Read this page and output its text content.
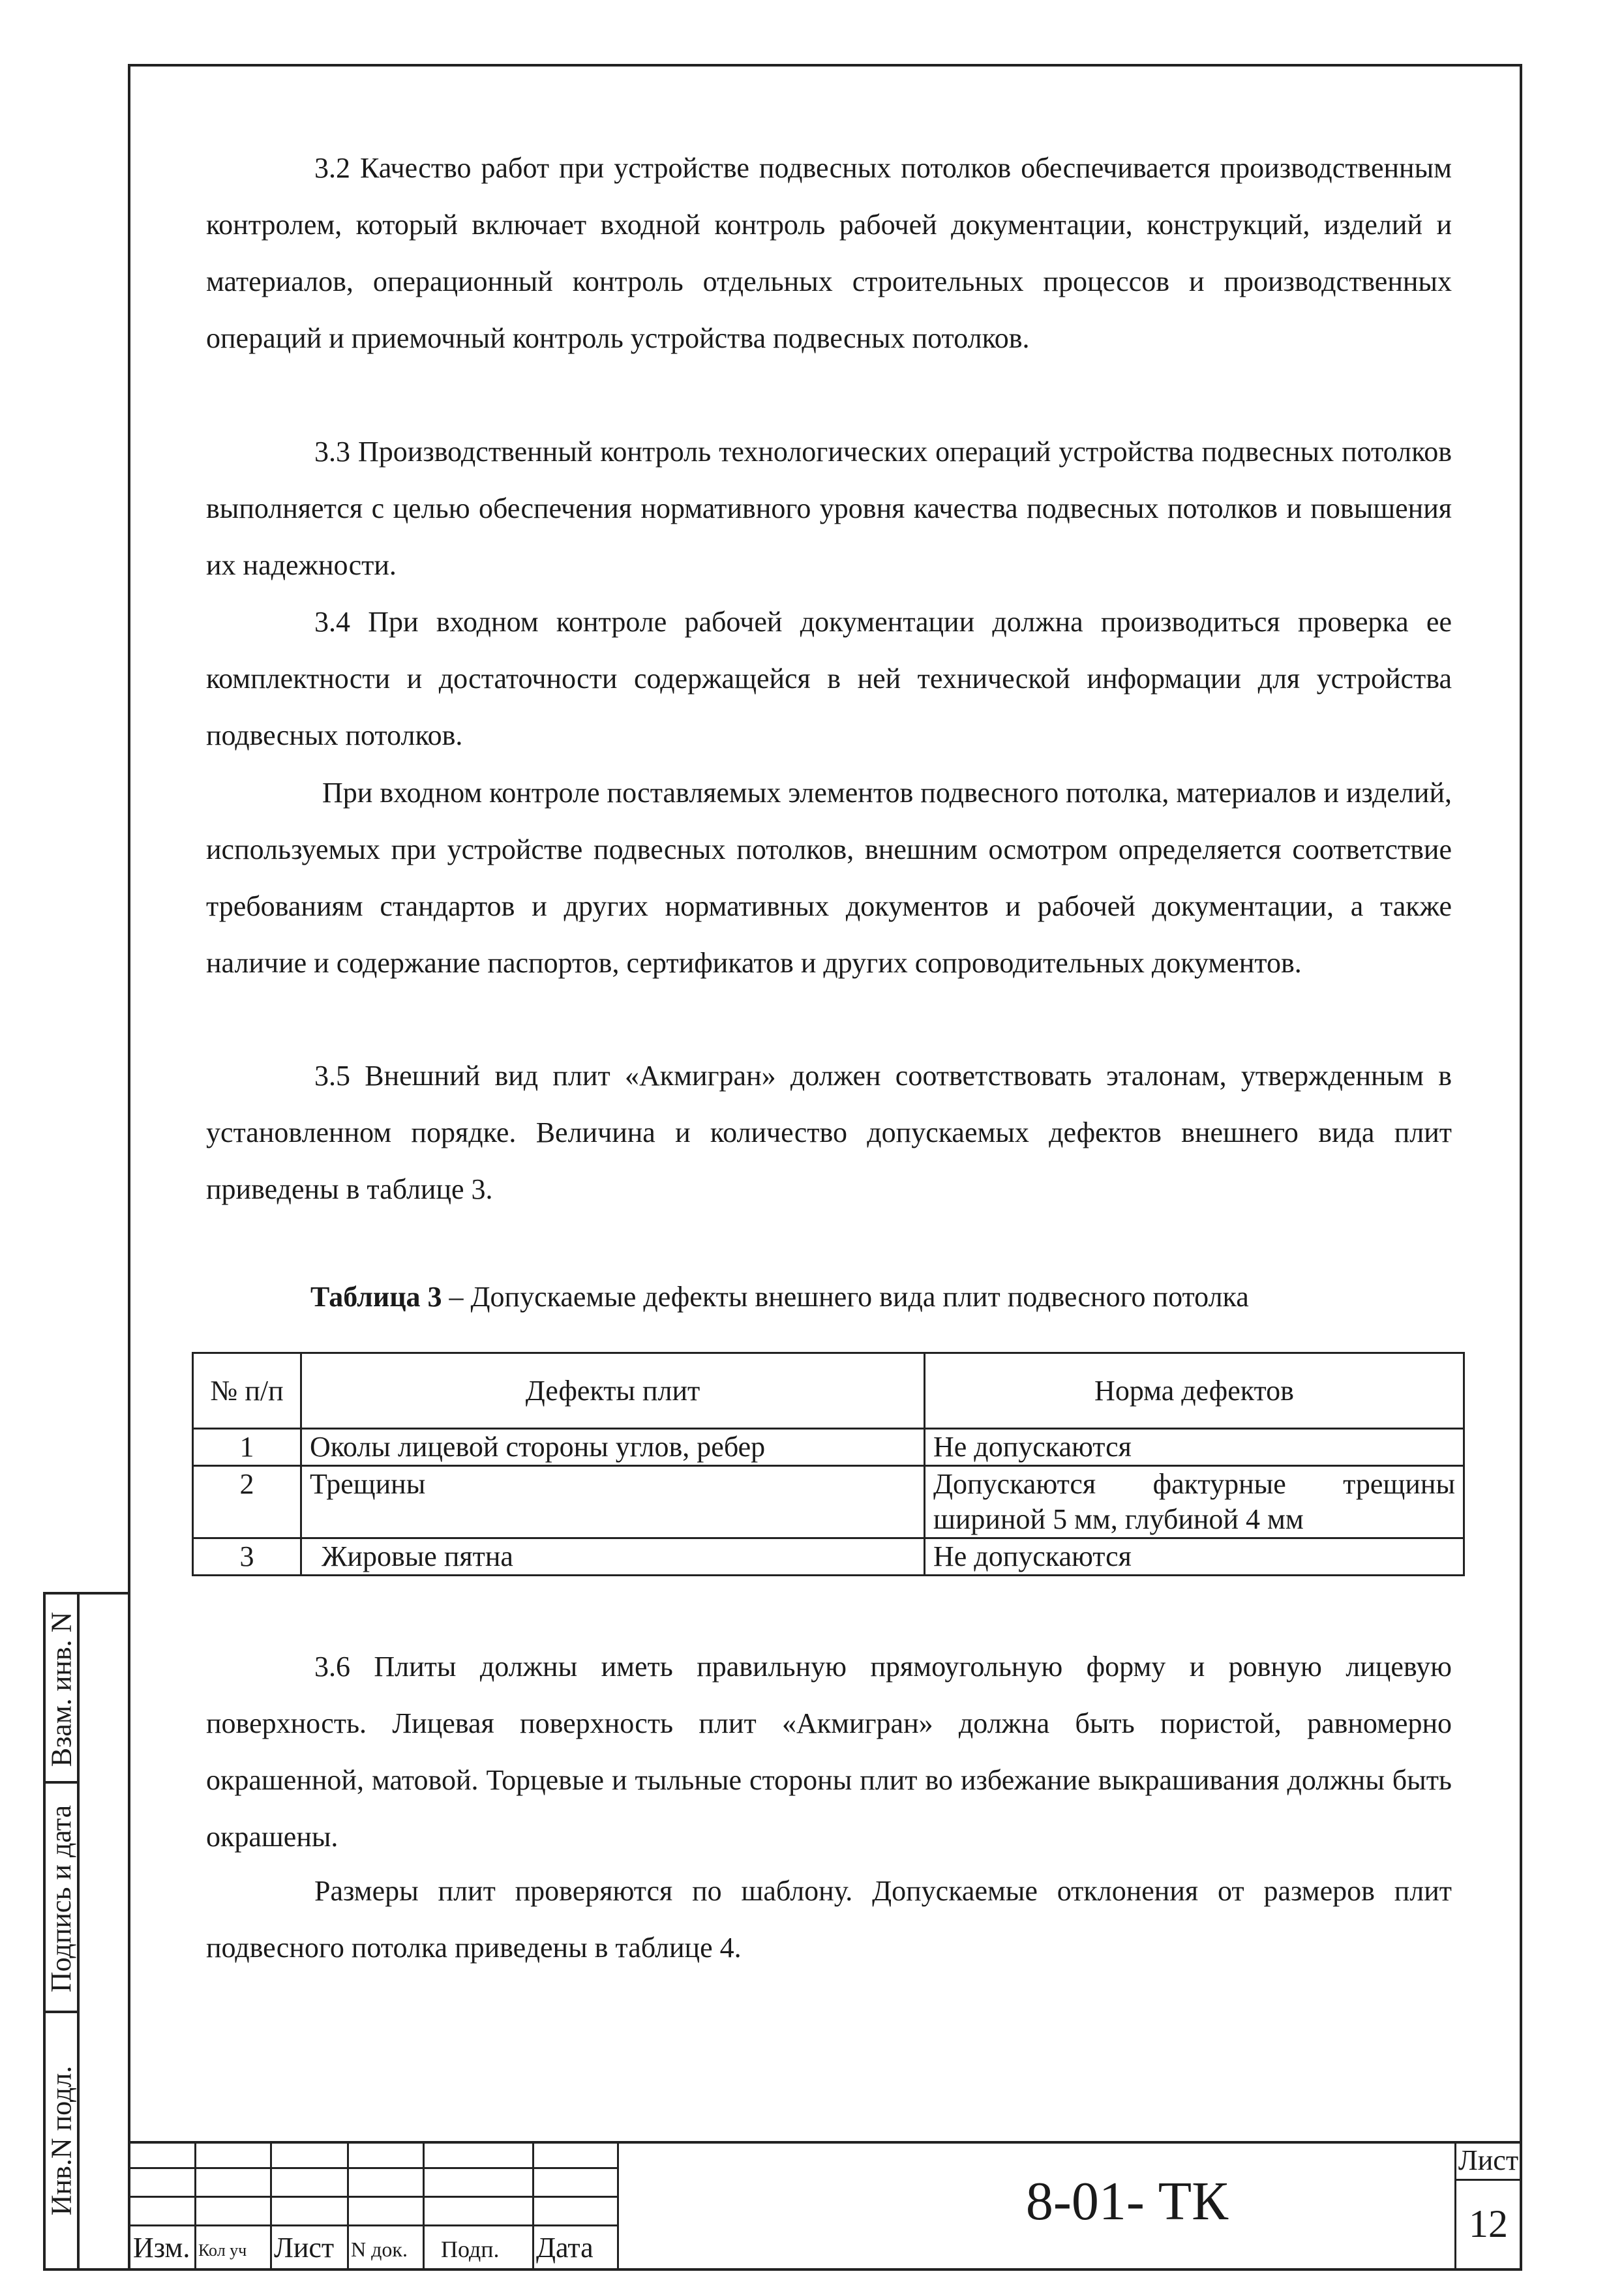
Инв.N подл.
Подпись и дата
Взам. инв. N

3.2 Качество работ при устройстве подвесных потолков обеспечивается производственным контролем, который включает входной контроль рабочей документации, конструкций, изделий и материалов, операционный контроль отдельных строительных процессов и производственных операций и приемочный контроль устройства подвесных потолков.

3.3 Производственный контроль технологических операций устройства подвесных потолков выполняется с целью обеспечения нормативного уровня качества подвесных потолков и повышения их надежности.

3.4 При входном контроле рабочей документации должна производиться проверка ее комплектности и достаточности содержащейся в ней технической информации для устройства подвесных потолков.

При входном контроле поставляемых элементов подвесного потолка, материалов и изделий, используемых при устройстве подвесных потолков, внешним осмотром определяется соответствие требованиям стандартов и других нормативных документов и рабочей документации, а также наличие и содержание паспортов, сертификатов и других сопроводительных документов.

3.5 Внешний вид плит «Акмигран» должен соответствовать эталонам, утвержденным в установленном порядке. Величина и количество допускаемых дефектов внешнего вида плит приведены в таблице 3.

Таблица 3 – Допускаемые дефекты внешнего вида плит подвесного потолка
№ п/п	Дефекты плит	Норма дефектов
1	Околы лицевой стороны углов, ребер	Не допускаются
2	Трещины	Допускаются фактурные трещины шириной 5 мм, глубиной 4 мм
3	Жировые пятна	Не допускаются

3.6 Плиты должны иметь правильную прямоугольную форму и ровную лицевую поверхность. Лицевая поверхность плит «Акмигран» должна быть пористой, равномерно окрашенной, матовой. Торцевые и тыльные стороны плит во избежание выкрашивания должны быть окрашены.

Размеры плит проверяются по шаблону. Допускаемые отклонения от размеров плит подвесного потолка приведены в таблице 4.

Изм. Кол уч Лист N док. Подп. Дата
8-01- ТК
Лист
12
